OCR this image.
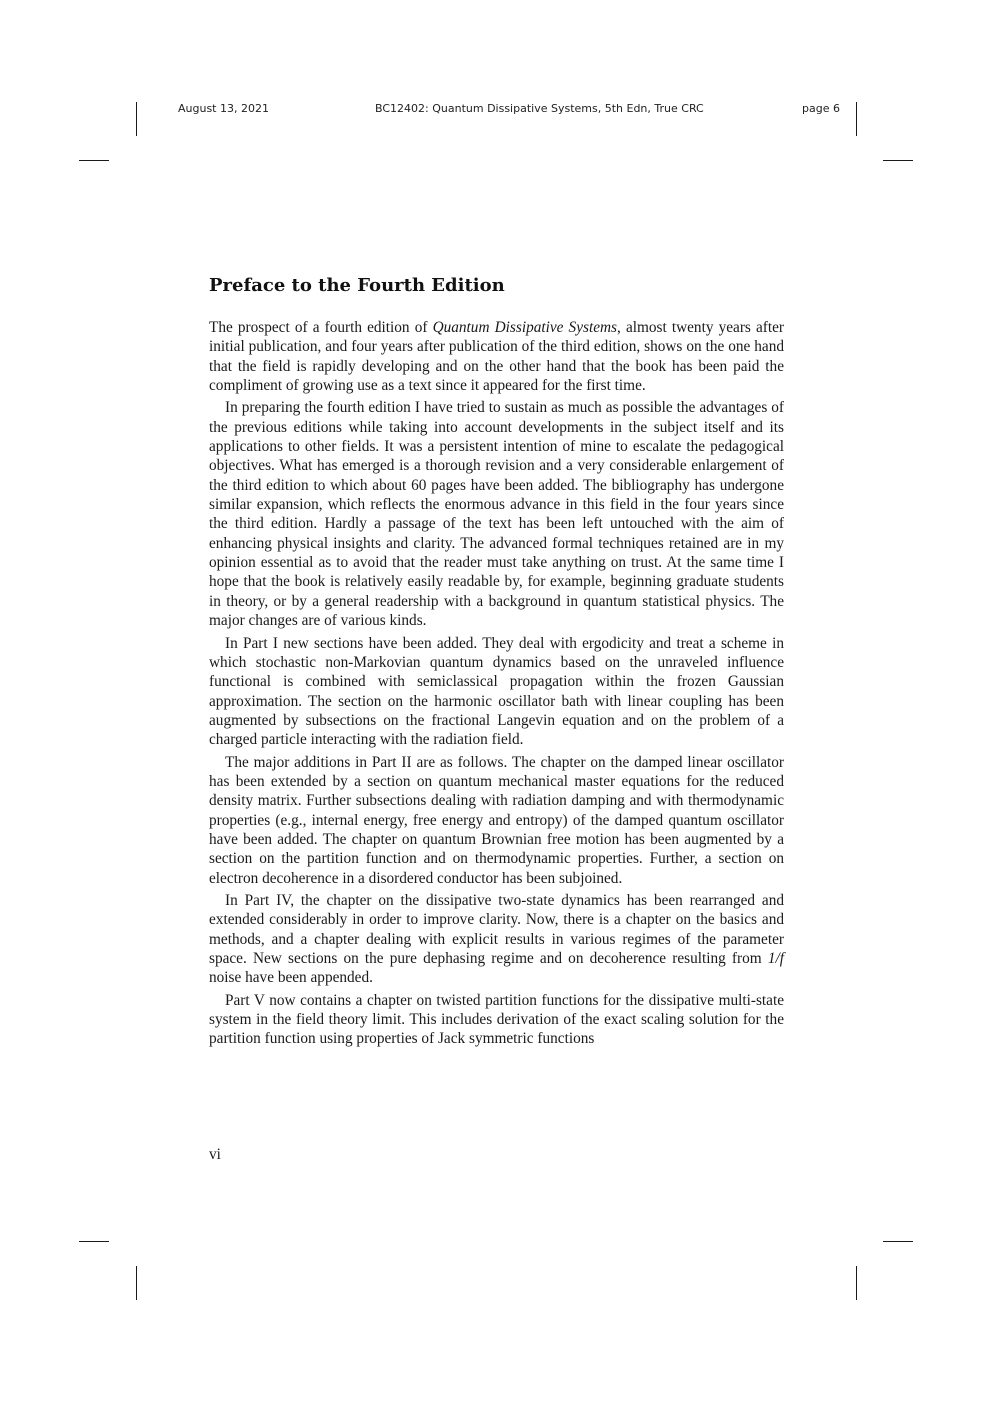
August 13, 2021	BC12402: Quantum Dissipative Systems, 5th Edn, True CRC	page 6
Preface to the Fourth Edition

The prospect of a fourth edition of Quantum Dissipative Systems, almost twenty years after initial publication, and four years after publication of the third edition, shows on the one hand that the field is rapidly developing and on the other hand that the book has been paid the compliment of growing use as a text since it appeared for the first time.

In preparing the fourth edition I have tried to sustain as much as possible the advantages of the previous editions while taking into account developments in the subject itself and its applications to other fields. It was a persistent intention of mine to escalate the pedagogical objectives. What has emerged is a thorough revision and a very considerable enlargement of the third edition to which about 60 pages have been added. The bibliography has undergone similar expansion, which reflects the enormous advance in this field in the four years since the third edition. Hardly a passage of the text has been left untouched with the aim of enhancing physical insights and clarity. The advanced formal techniques retained are in my opinion essential as to avoid that the reader must take anything on trust. At the same time I hope that the book is relatively easily readable by, for example, beginning graduate students in theory, or by a general readership with a background in quantum statistical physics. The major changes are of various kinds.

In Part I new sections have been added. They deal with ergodicity and treat a scheme in which stochastic non-Markovian quantum dynamics based on the unraveled influence functional is combined with semiclassical propagation within the frozen Gaussian approximation. The section on the harmonic oscillator bath with linear coupling has been augmented by subsections on the fractional Langevin equation and on the problem of a charged particle interacting with the radiation field.

The major additions in Part II are as follows. The chapter on the damped linear oscillator has been extended by a section on quantum mechanical master equations for the reduced density matrix. Further subsections dealing with radiation damping and with thermodynamic properties (e.g., internal energy, free energy and entropy) of the damped quantum oscillator have been added. The chapter on quantum Brownian free motion has been augmented by a section on the partition function and on thermodynamic properties. Further, a section on electron decoherence in a disordered conductor has been subjoined.

In Part IV, the chapter on the dissipative two-state dynamics has been rearranged and extended considerably in order to improve clarity. Now, there is a chapter on the basics and methods, and a chapter dealing with explicit results in various regimes of the parameter space. New sections on the pure dephasing regime and on decoherence resulting from 1/f noise have been appended.

Part V now contains a chapter on twisted partition functions for the dissipative multi-state system in the field theory limit. This includes derivation of the exact scaling solution for the partition function using properties of Jack symmetric functions

vi
